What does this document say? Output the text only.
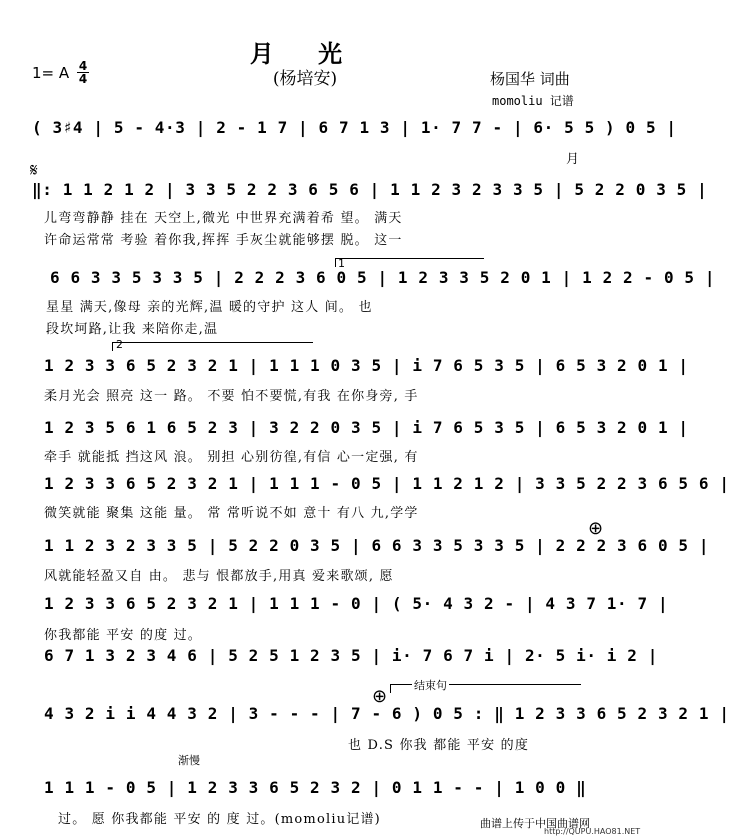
月 光
(杨培安)
1= A 4
4	杨国华 词曲
momoliu 记谱
( 3♯4 | 5 - 4·3 | 2 - 1 7 | 6 7 1 3 | 1· 7 7 - | 6· 5 5 ) 0 5 |
月
𝄋
‖: 1 1 2 1 2 | 3 3 5 2 2 3 6 5 6 | 1 1 2 3 2 3 3 5 | 5 2 2 0 3 5 |
儿弯弯静静 挂在 天空上,微光 中世界充满着希 望。 满天
许命运常常 考验 着你我,挥挥 手灰尘就能够摆 脱。 这一
1
6 6 3 3 5 3 3 5 | 2 2 2 3 6 0 5 | 1 2 3 3 5 2 0 1 | 1 2 2 - 0 5 |
星星 满天,像母 亲的光辉,温 暖的守护 这人 间。 也
段坎坷路,让我 来陪你走,温
2
1 2 3 3 6 5 2 3 2 1 | 1 1 1 0 3 5 | i 7 6 5 3 5 | 6 5 3 2 0 1 |
柔月光会 照亮 这一 路。 不要 怕不要慌,有我 在你身旁, 手
1 2 3 5 6 1 6 5 2 3 | 3 2 2 0 3 5 | i 7 6 5 3 5 | 6 5 3 2 0 1 |
牵手 就能抵 挡这风 浪。 别担 心别彷徨,有信 心一定强, 有
1 2 3 3 6 5 2 3 2 1 | 1 1 1 - 0 5 | 1 1 2 1 2 | 3 3 5 2 2 3 6 5 6 |
微笑就能 聚集 这能 量。 常 常听说不如 意十 有八 九,学学
⊕
1 1 2 3 2 3 3 5 | 5 2 2 0 3 5 | 6 6 3 3 5 3 3 5 | 2 2 2 3 6 0 5 |
风就能轻盈又自 由。 悲与 恨都放手,用真 爱来歌颂, 愿
1 2 3 3 6 5 2 3 2 1 | 1 1 1 - 0 | ( 5· 4 3 2 - | 4 3 7 1· 7 |
你我都能 平安 的度 过。
6 7 1 3 2 3 4 6 | 5 2 5 1 2 3 5 | i· 7 6 7 i | 2· 5 i· i 2 |
⊕
结束句
4 3 2 i i 4 4 3 2 | 3 - - - | 7 - 6 ) 0 5 : ‖ 1 2 3 3 6 5 2 3 2 1 |
也 D.S 你我 都能 平安 的度
渐慢
1 1 1 - 0 5 | 1 2 3 3 6 5 2 3 2 | 0 1 1 - - | 1 0 0 ‖
过。 愿 你我都能 平安 的 度 过。(momoliu记谱)	曲谱上传于中国曲谱网
http://QUPU.HAO81.NET
